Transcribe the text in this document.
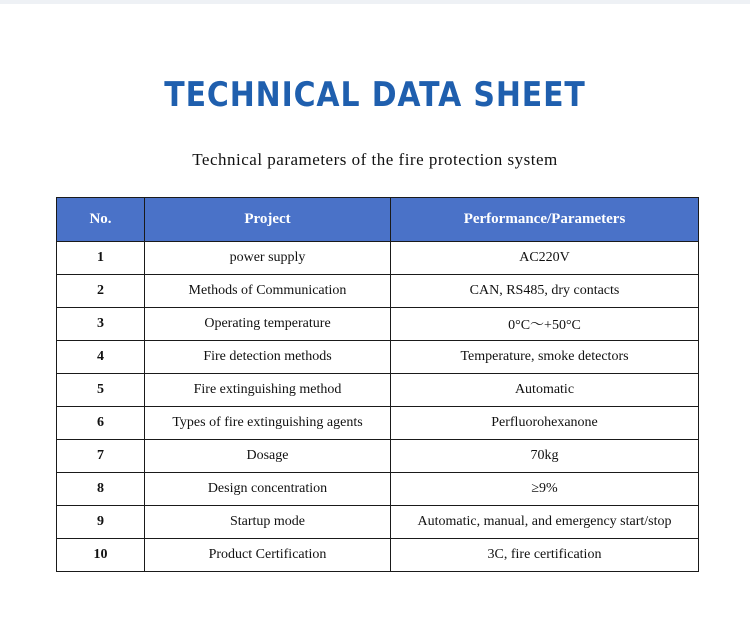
TECHNICAL DATA SHEET
Technical parameters of the fire protection system
No.	Project	Performance/Parameters
1	power supply	AC220V
2	Methods of Communication	CAN, RS485, dry contacts
3	Operating temperature	0°C～+50°C
4	Fire detection methods	Temperature, smoke detectors
5	Fire extinguishing method	Automatic
6	Types of fire extinguishing agents	Perfluorohexanone
7	Dosage	70kg
8	Design concentration	≥9%
9	Startup mode	Automatic, manual, and emergency start/stop
10	Product Certification	3C, fire certification
